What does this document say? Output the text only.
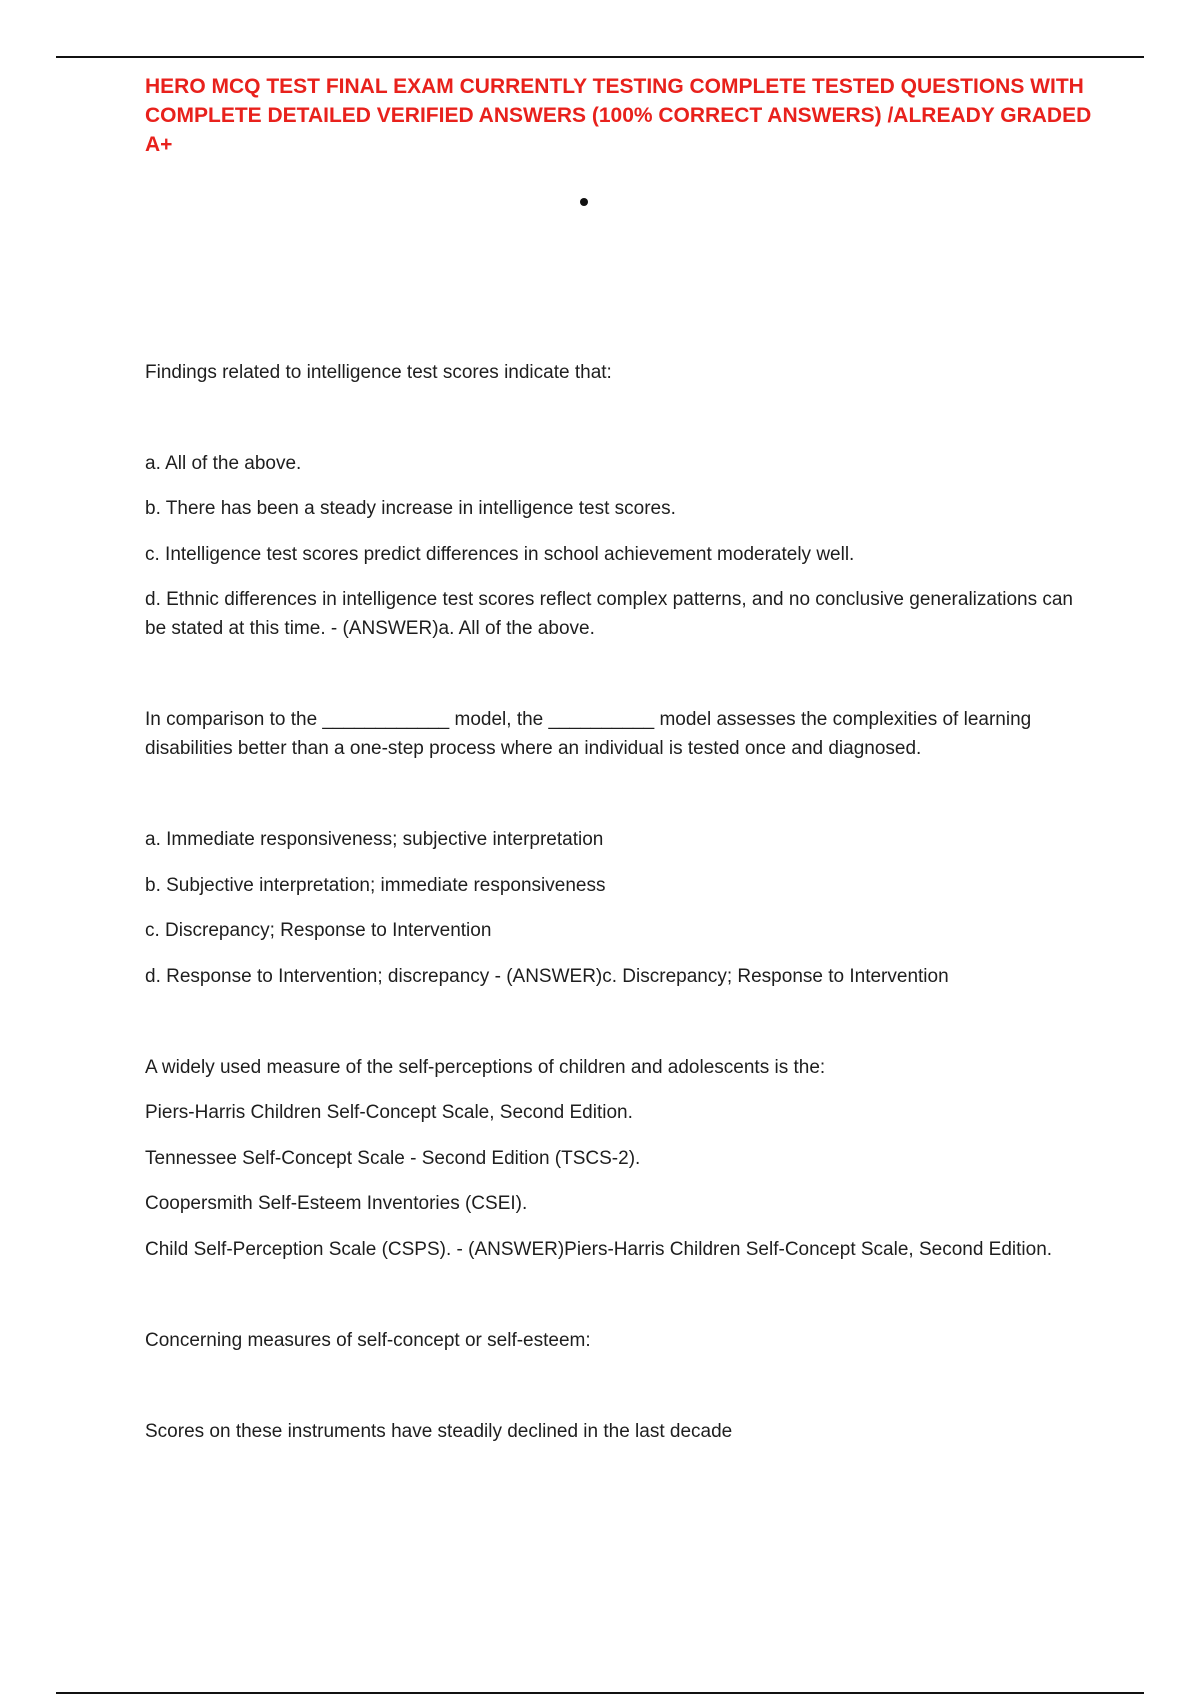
HERO MCQ TEST FINAL EXAM CURRENTLY TESTING COMPLETE TESTED QUESTIONS WITH COMPLETE DETAILED VERIFIED ANSWERS (100% CORRECT ANSWERS) /ALREADY GRADED A+

Findings related to intelligence test scores indicate that:

a. All of the above.

b. There has been a steady increase in intelligence test scores.

c. Intelligence test scores predict differences in school achievement moderately well.

d. Ethnic differences in intelligence test scores reflect complex patterns, and no conclusive generalizations can be stated at this time. - (ANSWER)a. All of the above.

In comparison to the ____________ model, the __________ model assesses the complexities of learning disabilities better than a one-step process where an individual is tested once and diagnosed.

a. Immediate responsiveness; subjective interpretation

b. Subjective interpretation; immediate responsiveness

c. Discrepancy; Response to Intervention

d. Response to Intervention; discrepancy - (ANSWER)c. Discrepancy; Response to Intervention

A widely used measure of the self-perceptions of children and adolescents is the:

Piers-Harris Children Self-Concept Scale, Second Edition.

Tennessee Self-Concept Scale - Second Edition (TSCS-2).

Coopersmith Self-Esteem Inventories (CSEI).

Child Self-Perception Scale (CSPS). - (ANSWER)Piers-Harris Children Self-Concept Scale, Second Edition.

Concerning measures of self-concept or self-esteem:

Scores on these instruments have steadily declined in the last decade
